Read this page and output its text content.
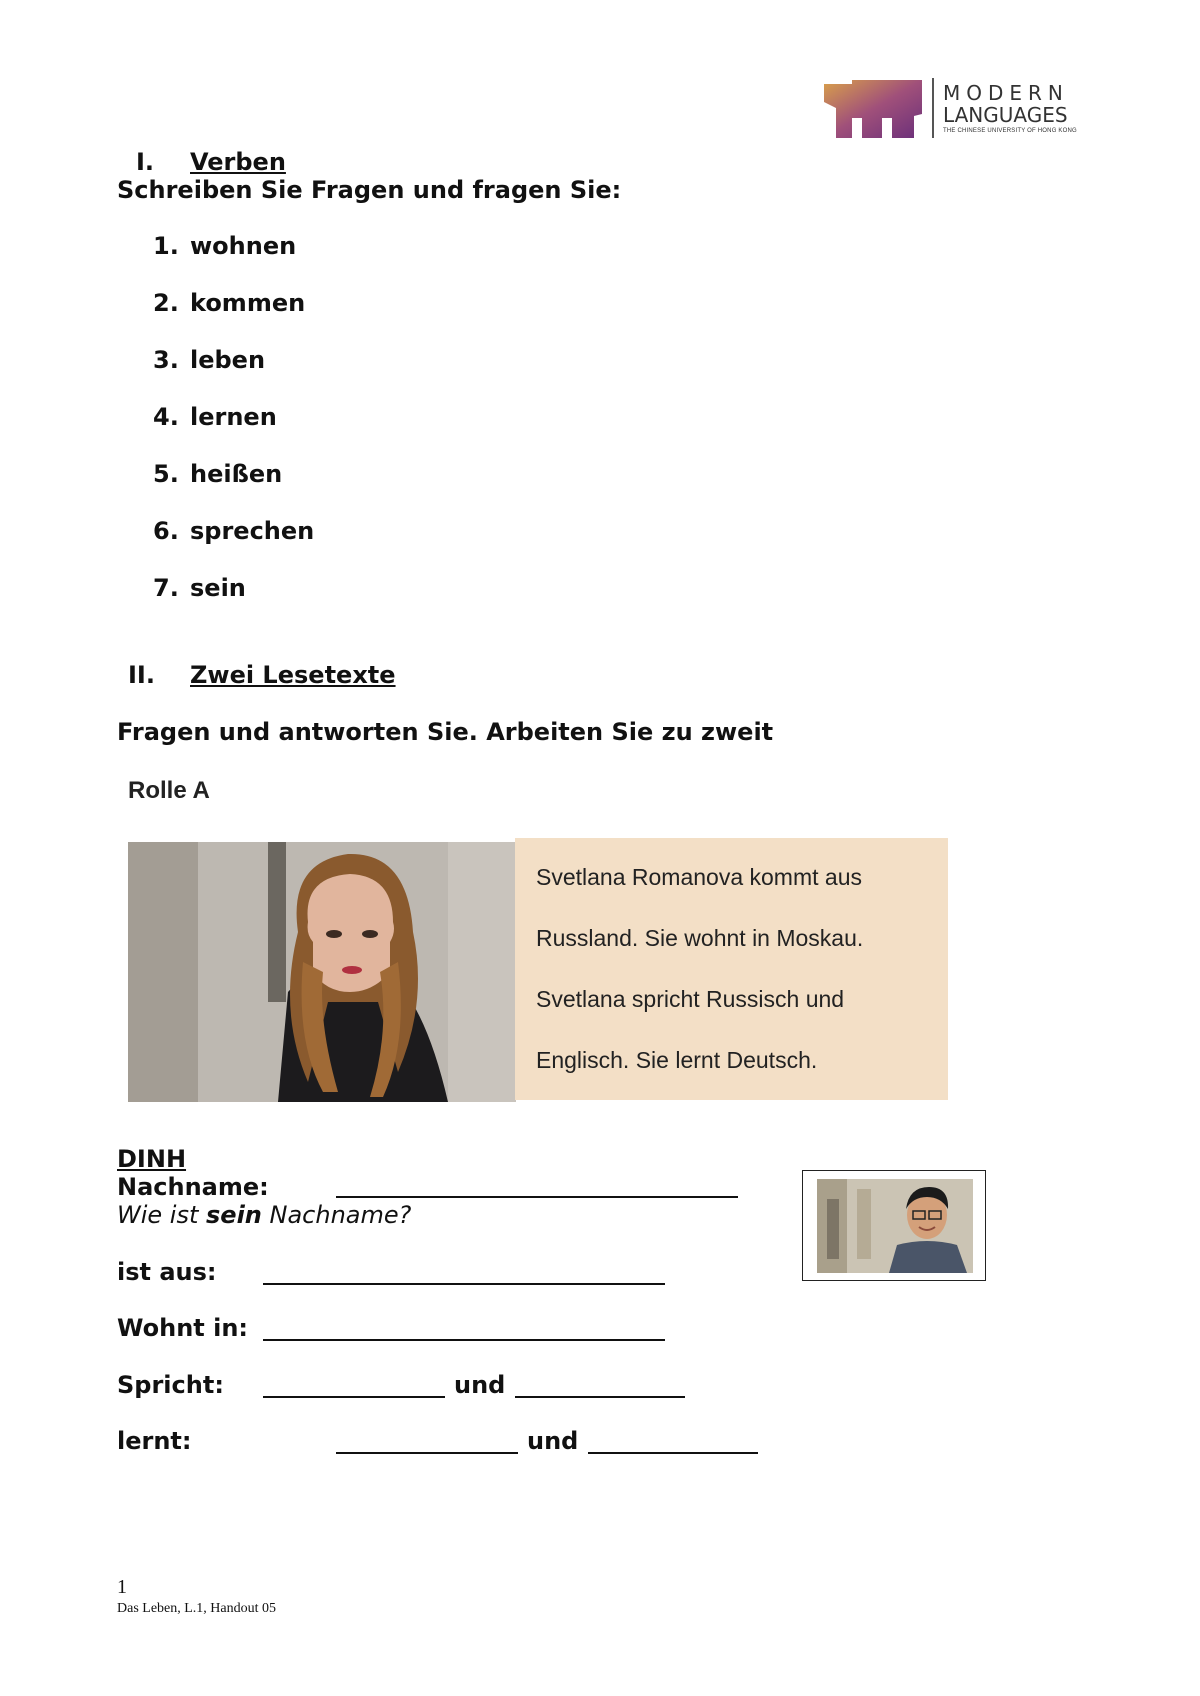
MODERN
LANGUAGES
THE CHINESE UNIVERSITY OF HONG KONG
I. Verben
Schreiben Sie Fragen und fragen Sie:
1. wohnen
2. kommen
3. leben
4. lernen
5. heißen
6. sprechen
7. sein
II. Zwei Lesetexte
Fragen und antworten Sie. Arbeiten Sie zu zweit
Rolle A

Svetlana Romanova kommt aus

Russland. Sie wohnt in Moskau.

Svetlana spricht Russisch und

Englisch. Sie lernt Deutsch.

DINH
Nachname:
Wie ist sein Nachname?
ist aus:
Wohnt in:
Spricht:	und
lernt:	und
1
Das Leben, L.1, Handout 05
